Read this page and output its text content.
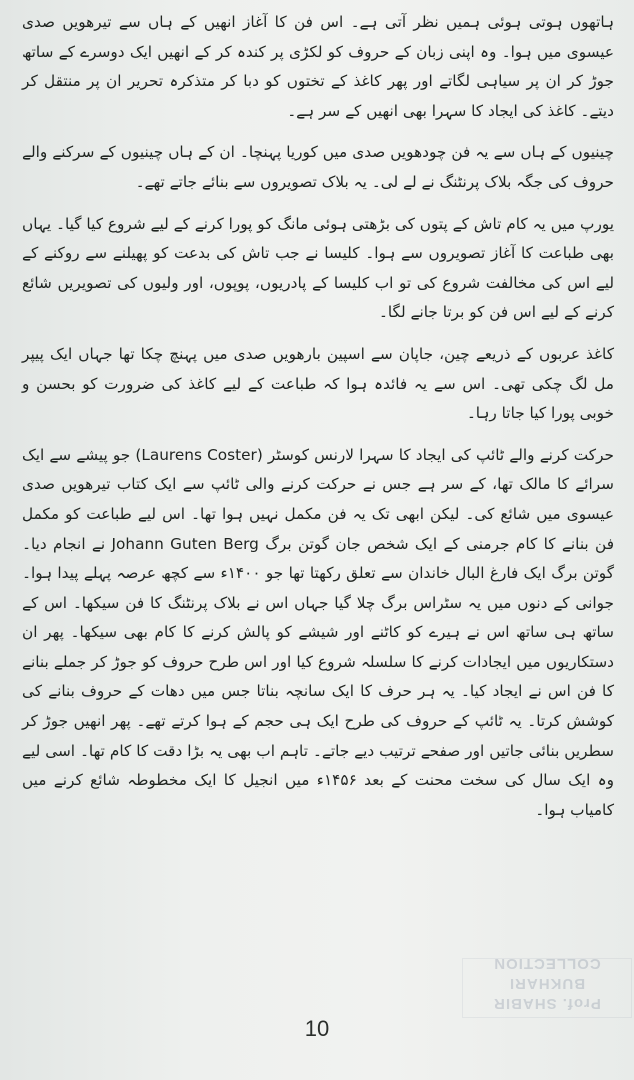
ہاتھوں ہوتی ہوئی ہمیں نظر آتی ہے۔ اس فن کا آغاز انھیں کے ہاں سے تیرھویں صدی عیسوی میں ہوا۔ وہ اپنی زبان کے حروف کو لکڑی پر کندہ کر کے انھیں ایک دوسرے کے ساتھ جوڑ کر ان پر سیاہی لگاتے اور پھر کاغذ کے تختوں کو دبا کر متذکرہ تحریر ان پر منتقل کر دیتے۔ کاغذ کی ایجاد کا سہرا بھی انھیں کے سر ہے۔

چینیوں کے ہاں سے یہ فن چودھویں صدی میں کوریا پہنچا۔ ان کے ہاں چینیوں کے سرکنے والے حروف کی جگہ بلاک پرنٹنگ نے لے لی۔ یہ بلاک تصویروں سے بنائے جاتے تھے۔

یورپ میں یہ کام تاش کے پتوں کی بڑھتی ہوئی مانگ کو پورا کرنے کے لیے شروع کیا گیا۔ یہاں بھی طباعت کا آغاز تصویروں سے ہوا۔ کلیسا نے جب تاش کی بدعت کو پھیلنے سے روکنے کے لیے اس کی مخالفت شروع کی تو اب کلیسا کے پادریوں، پوپوں، اور ولیوں کی تصویریں شائع کرنے کے لیے اس فن کو برتا جانے لگا۔

کاغذ عربوں کے ذریعے چین، جاپان سے اسپین بارھویں صدی میں پہنچ چکا تھا جہاں ایک پیپر مل لگ چکی تھی۔ اس سے یہ فائدہ ہوا کہ طباعت کے لیے کاغذ کی ضرورت کو بحسن و خوبی پورا کیا جاتا رہا۔

حرکت کرنے والے ٹائپ کی ایجاد کا سہرا لارنس کوسٹر (Laurens Coster) جو پیشے سے ایک سرائے کا مالک تھا، کے سر ہے جس نے حرکت کرنے والی ٹائپ سے ایک کتاب تیرھویں صدی عیسوی میں شائع کی۔ لیکن ابھی تک یہ فن مکمل نہیں ہوا تھا۔ اس لیے طباعت کو مکمل فن بنانے کا کام جرمنی کے ایک شخص جان گوتن برگ Johann Guten Berg نے انجام دیا۔ گوتن برگ ایک فارغ البال خاندان سے تعلق رکھتا تھا جو ۱۴۰۰ء سے کچھ عرصہ پہلے پیدا ہوا۔ جوانی کے دنوں میں یہ سٹراس برگ چلا گیا جہاں اس نے بلاک پرنٹنگ کا فن سیکھا۔ اس کے ساتھ ہی ساتھ اس نے ہیرے کو کاٹنے اور شیشے کو پالش کرنے کا کام بھی سیکھا۔ پھر ان دستکاریوں میں ایجادات کرنے کا سلسلہ شروع کیا اور اس طرح حروف کو جوڑ کر جملے بنانے کا فن اس نے ایجاد کیا۔ یہ ہر حرف کا ایک سانچہ بناتا جس میں دھات کے حروف بنانے کی کوشش کرتا۔ یہ ٹائپ کے حروف کی طرح ایک ہی حجم کے ہوا کرتے تھے۔ پھر انھیں جوڑ کر سطریں بنائی جاتیں اور صفحے ترتیب دیے جاتے۔ تاہم اب بھی یہ بڑا دقت کا کام تھا۔ اسی لیے وہ ایک سال کی سخت محنت کے بعد ۱۴۵۶ء میں انجیل کا ایک مخطوطہ شائع کرنے میں کامیاب ہوا۔

Prof. SHABIR BUKHARI
COLLECTION
10
